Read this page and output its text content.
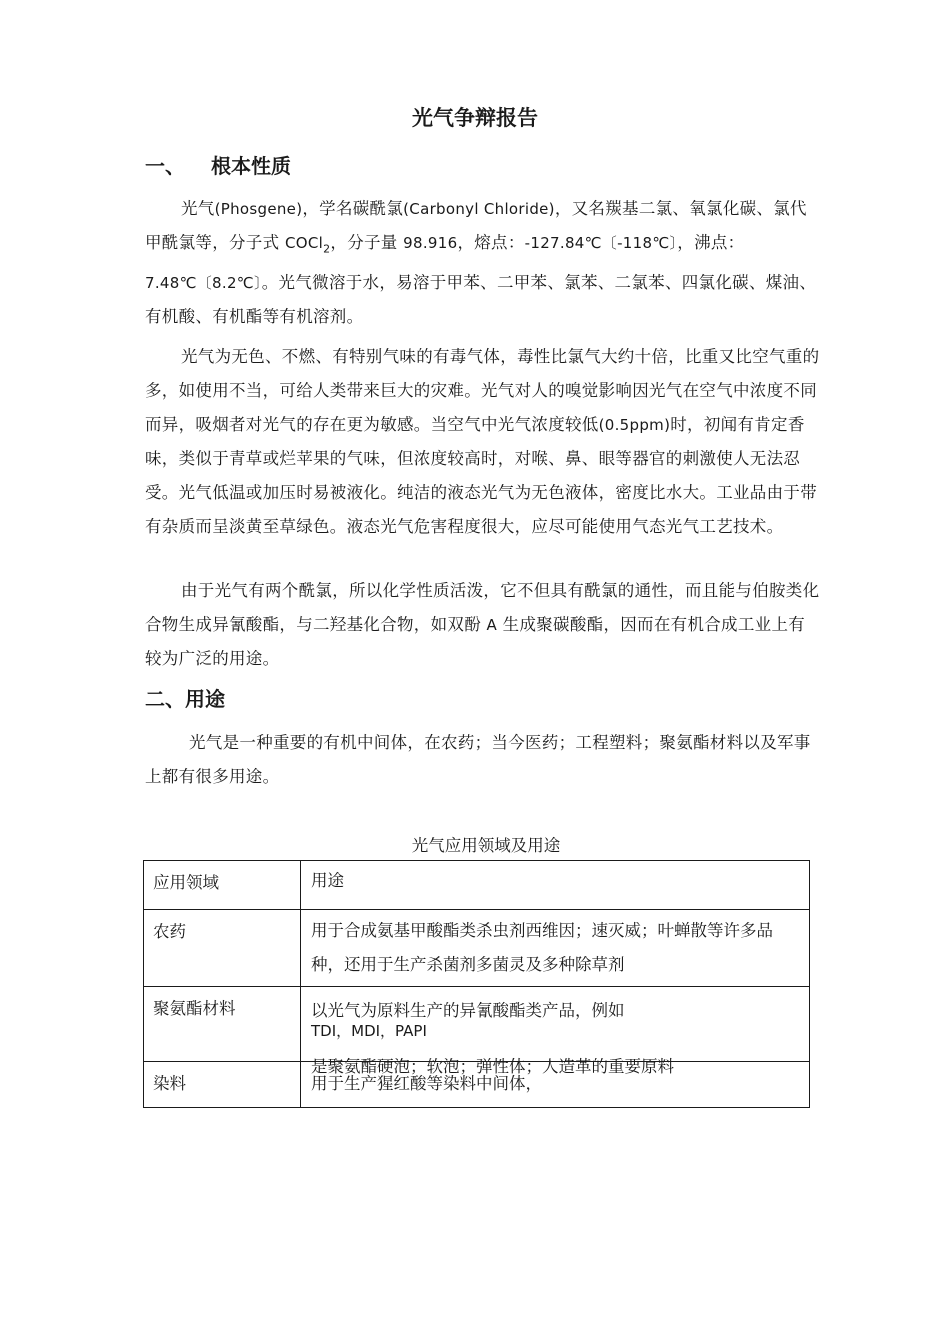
光气争辩报告
一、 根本性质
光气(Phosgene)，学名碳酰氯(Carbonyl Chloride)，又名羰基二氯、氧氯化碳、氯代甲酰氯等，分子式 COCl$_2$，分子量 98.916，熔点：-127.84℃〔-118℃〕，沸点：7.48℃〔8.2℃〕。光气微溶于水，易溶于甲苯、二甲苯、氯苯、二氯苯、四氯化碳、煤油、有机酸、有机酯等有机溶剂。
光气为无色、不燃、有特别气味的有毒气体，毒性比氯气大约十倍，比重又比空气重的多，如使用不当，可给人类带来巨大的灾难。光气对人的嗅觉影响因光气在空气中浓度不同而异，吸烟者对光气的存在更为敏感。当空气中光气浓度较低(0.5ppm)时，初闻有肯定香味，类似于青草或烂苹果的气味，但浓度较高时，对喉、鼻、眼等器官的刺激使人无法忍受。光气低温或加压时易被液化。纯洁的液态光气为无色液体，密度比水大。工业品由于带有杂质而呈淡黄至草绿色。液态光气危害程度很大，应尽可能使用气态光气工艺技术。
由于光气有两个酰氯，所以化学性质活泼，它不但具有酰氯的通性，而且能与伯胺类化合物生成异氰酸酯，与二羟基化合物，如双酚 A 生成聚碳酸酯，因而在有机合成工业上有较为广泛的用途。
二、用途
光气是一种重要的有机中间体，在农药；当今医药；工程塑料；聚氨酯材料以及军事上都有很多用途。
光气应用领域及用途
应用领域	用途

农药	用于合成氨基甲酸酯类杀虫剂西维因；速灭威；叶蝉散等许多品种，还用于生产杀菌剂多菌灵及多种除草剂

聚氨酯材料	以光气为原料生产的异氰酸酯类产品，例如
TDI，MDI，PAPI
是聚氨酯硬泡；软泡；弹性体；人造革的重要原料

染料	用于生产猩红酸等染料中间体，
